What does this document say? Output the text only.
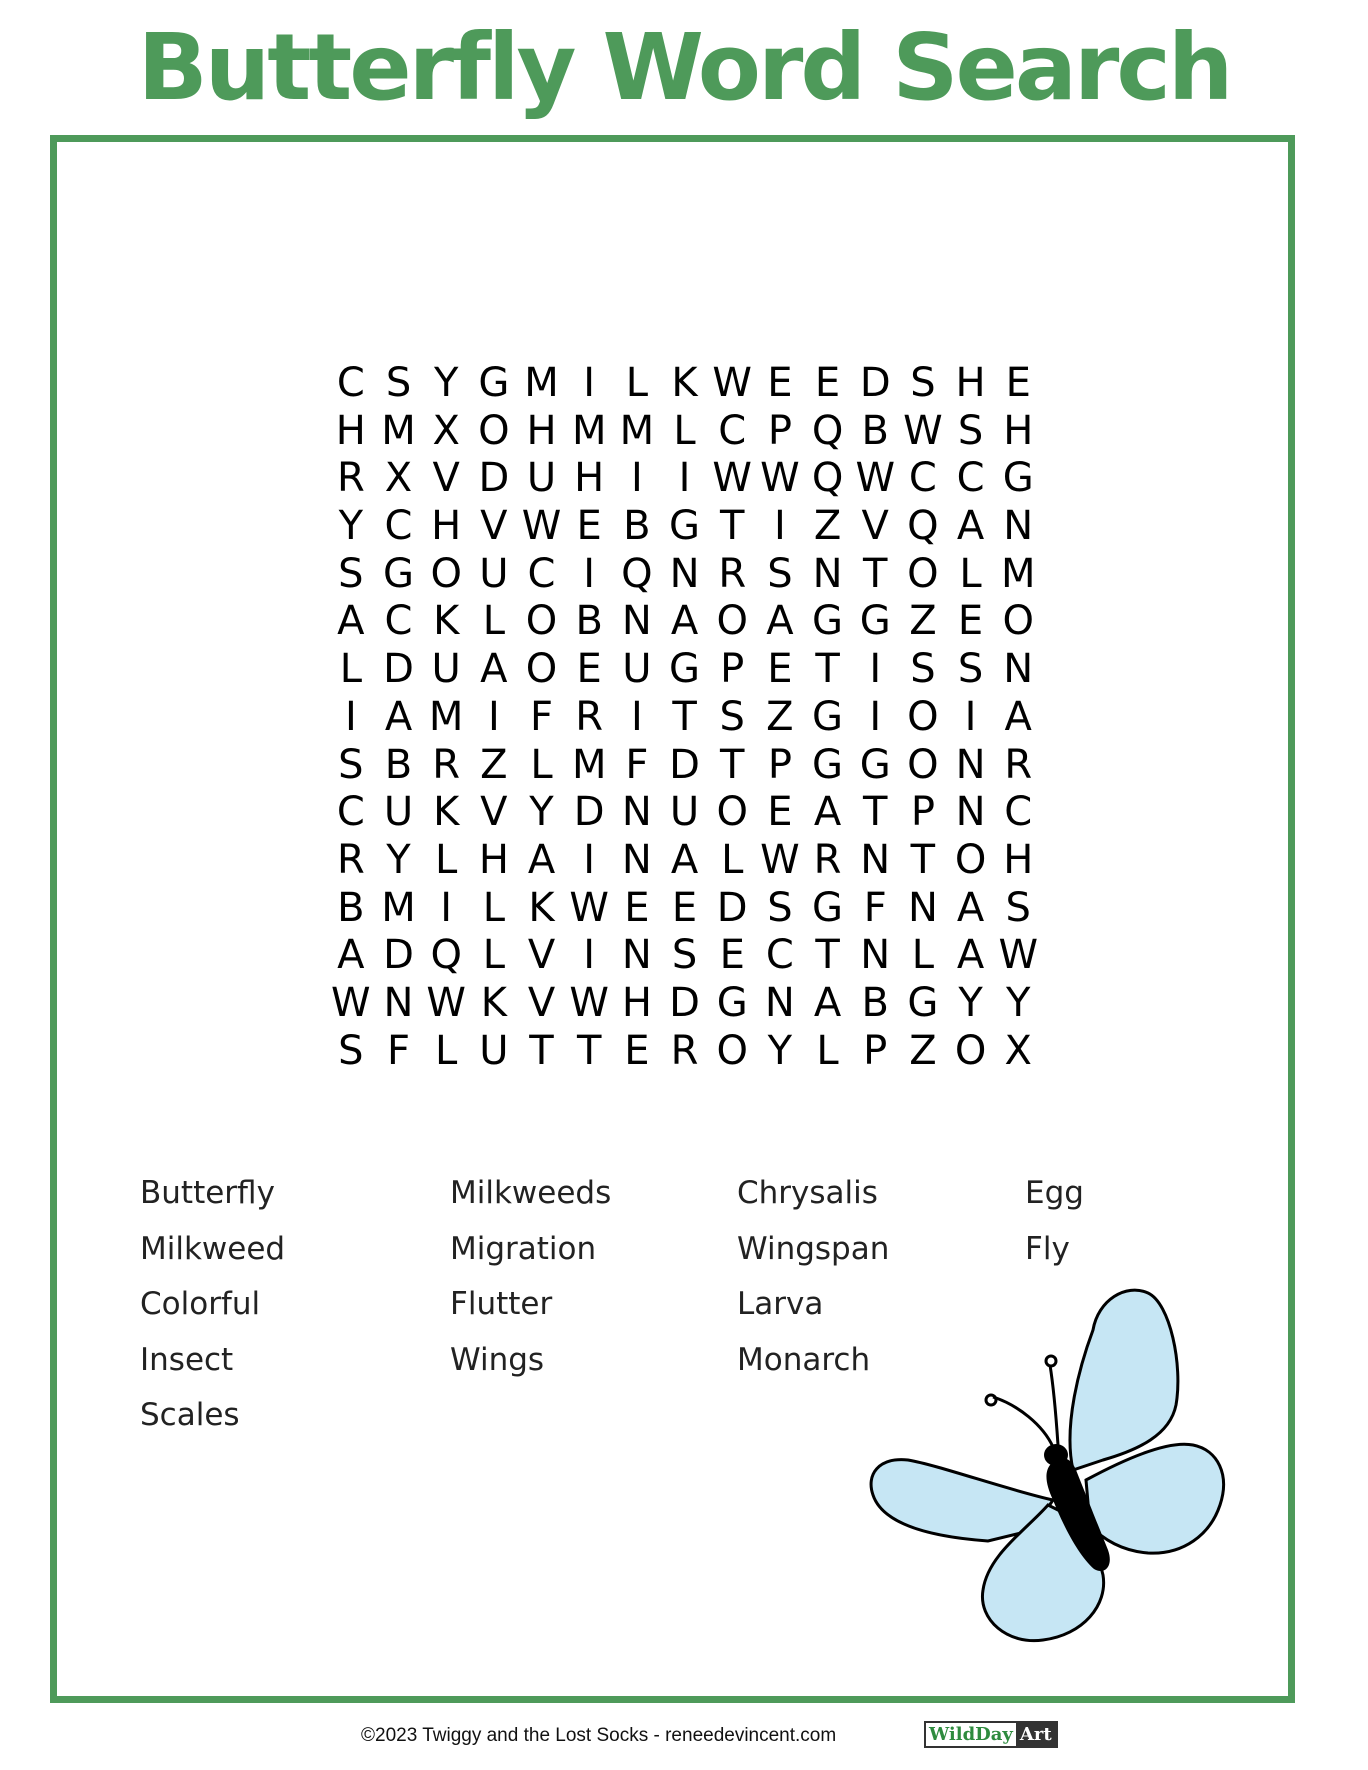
Butterfly Word Search
C S Y G M I L K W E E D S H E
H M X O H M M L C P Q B W S H
R X V D U H I I W W Q W C C G
Y C H V W E B G T I Z V Q A N
S G O U C I Q N R S N T O L M
A C K L O B N A O A G G Z E O
L D U A O E U G P E T I S S N
I A M I F R I T S Z G I O I A
S B R Z L M F D T P G G O N R
C U K V Y D N U O E A T P N C
R Y L H A I N A L W R N T O H
B M I L K W E E D S G F N A S
A D Q L V I N S E C T N L A W
W N W K V W H D G N A B G Y Y
S F L U T T E R O Y L P Z O X
Butterfly
Milkweed
Colorful
Insect
Scales
Milkweeds
Migration
Flutter
Wings
Chrysalis
Wingspan
Larva
Monarch
Egg
Fly
©2023 Twiggy and the Lost Socks - reneedevincent.com	WildDay Art
